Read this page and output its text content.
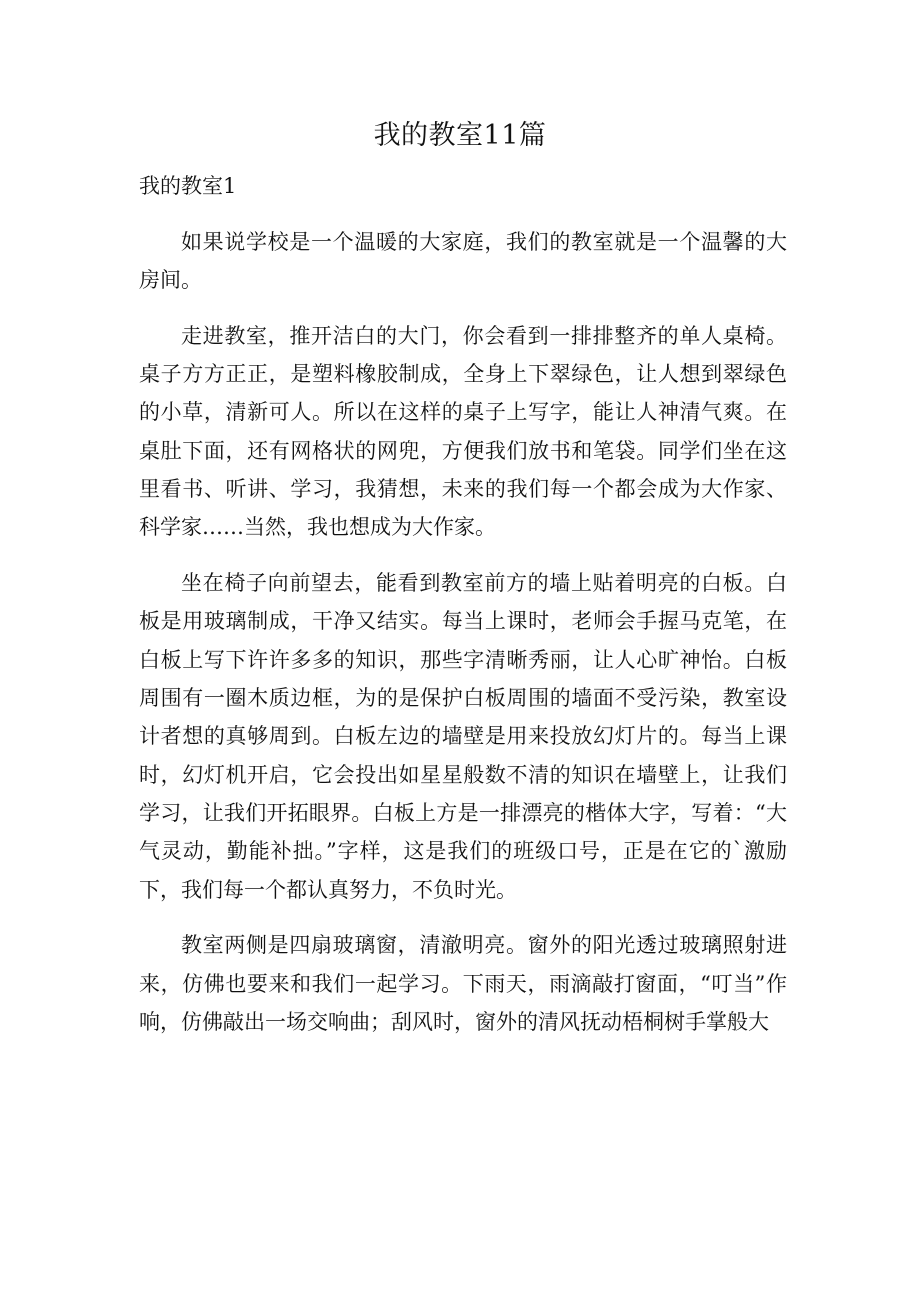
我的教室11篇

我的教室1

如果说学校是一个温暖的大家庭，我们的教室就是一个温馨的大房间。

走进教室，推开洁白的大门，你会看到一排排整齐的单人桌椅。桌子方方正正，是塑料橡胶制成，全身上下翠绿色，让人想到翠绿色的小草，清新可人。所以在这样的桌子上写字，能让人神清气爽。在桌肚下面，还有网格状的网兜，方便我们放书和笔袋。同学们坐在这里看书、听讲、学习，我猜想，未来的我们每一个都会成为大作家、科学家……当然，我也想成为大作家。

坐在椅子向前望去，能看到教室前方的墙上贴着明亮的白板。白板是用玻璃制成，干净又结实。每当上课时，老师会手握马克笔，在白板上写下许许多多的知识，那些字清晰秀丽，让人心旷神怡。白板周围有一圈木质边框，为的是保护白板周围的墙面不受污染，教室设计者想的真够周到。白板左边的墙壁是用来投放幻灯片的。每当上课时，幻灯机开启，它会投出如星星般数不清的知识在墙壁上，让我们学习，让我们开拓眼界。白板上方是一排漂亮的楷体大字，写着：“大气灵动，勤能补拙。”字样，这是我们的班级口号，正是在它的`激励下，我们每一个都认真努力，不负时光。

教室两侧是四扇玻璃窗，清澈明亮。窗外的阳光透过玻璃照射进来，仿佛也要来和我们一起学习。下雨天，雨滴敲打窗面，“叮当”作响，仿佛敲出一场交响曲；刮风时，窗外的清风抚动梧桐树手掌般大
